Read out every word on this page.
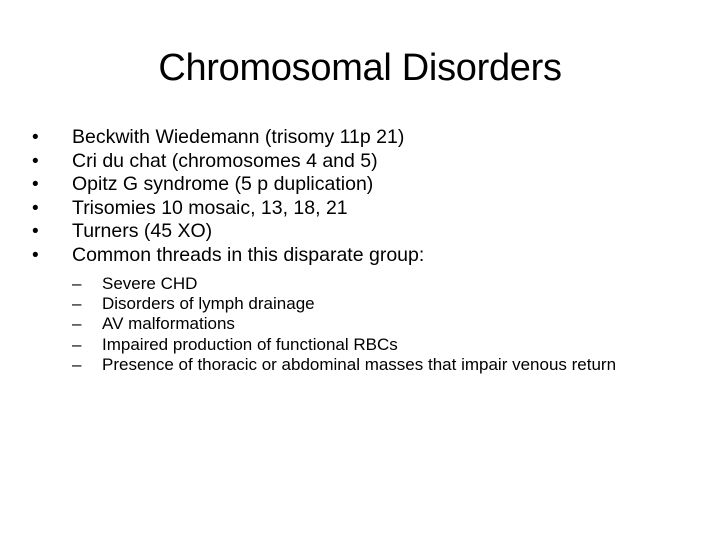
Chromosomal Disorders
•	Beckwith Wiedemann (trisomy 11p 21)
•	Cri du chat (chromosomes 4 and 5)
•	Opitz G syndrome (5 p duplication)
•	Trisomies 10 mosaic, 13, 18, 21
•	Turners (45 XO)
•	Common threads in this disparate group:
–	Severe CHD
–	Disorders of lymph drainage
–	AV malformations
–	Impaired production of functional RBCs
–	Presence of thoracic or abdominal masses that impair venous return
